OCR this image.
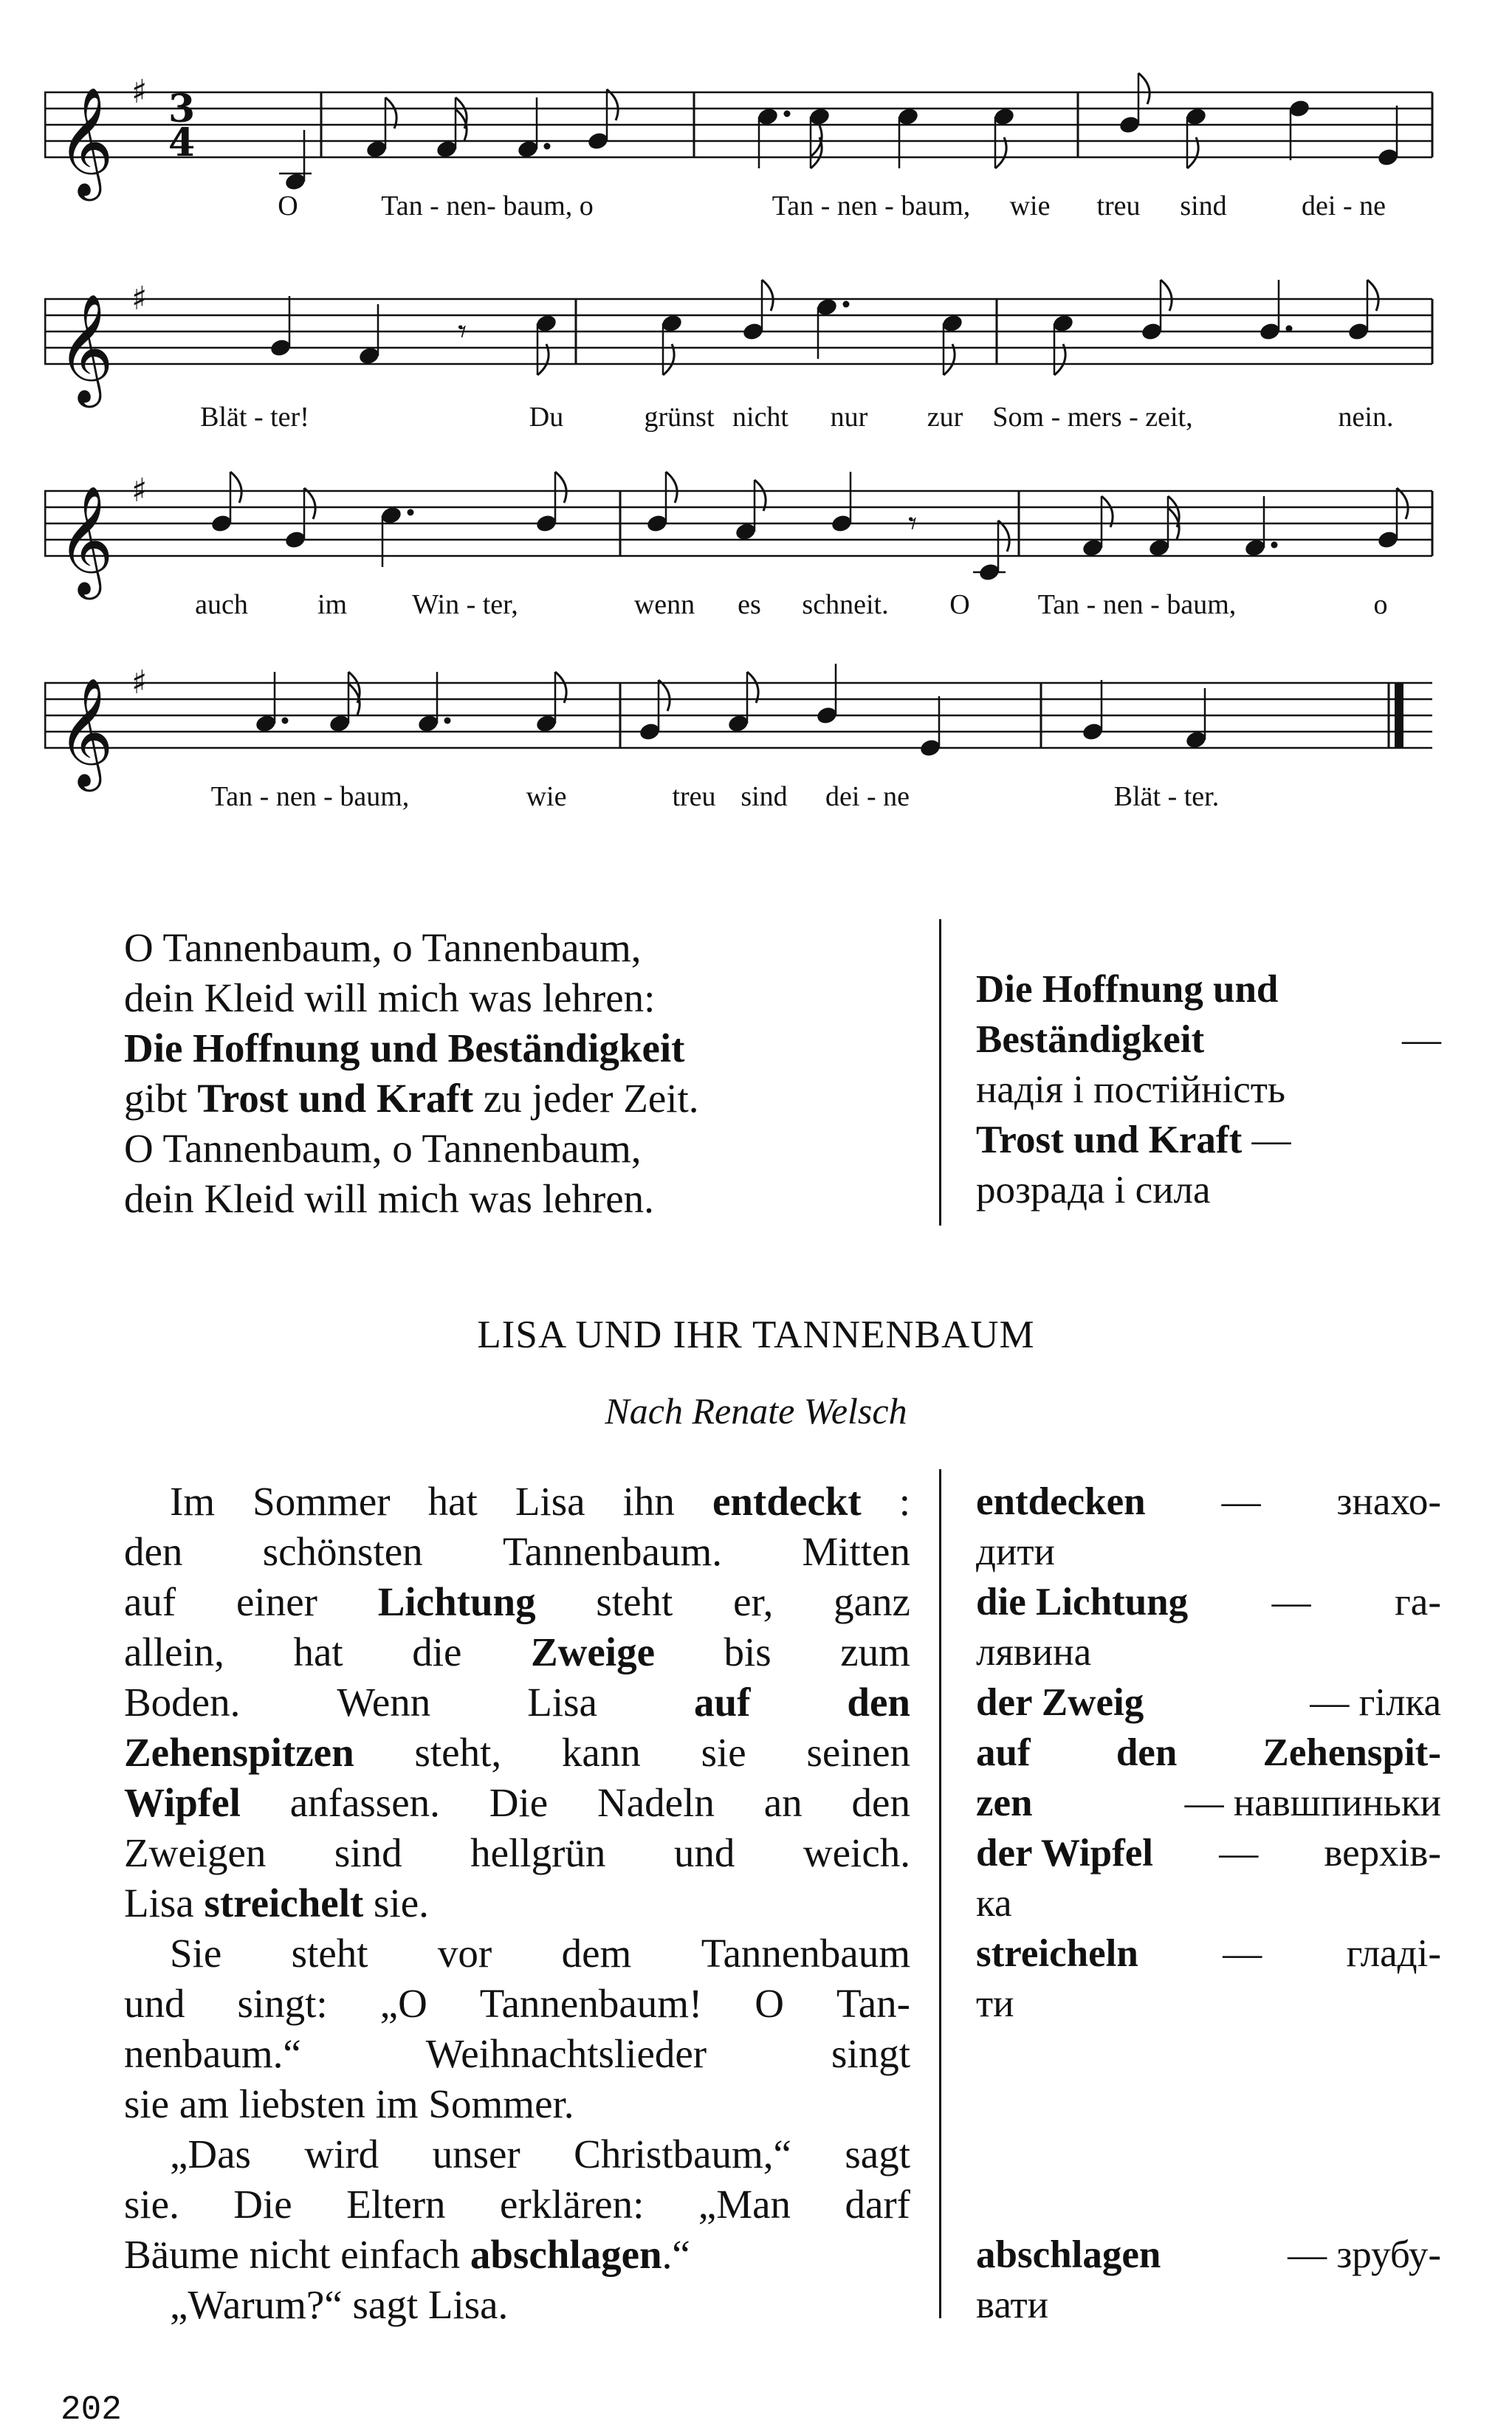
𝄞 ♯ 3
4
O	Tan - nen- baum, o	Tan - nen - baum, wie treu sind	dei - ne
𝄞 ♯
𝄾
Blät - ter!	Du	grünst nicht nur zur Som - mers - zeit,	nein.
𝄞 ♯
𝄾
auch im Win - ter,	wenn es schneit. O Tan - nen - baum,	o
𝄞 ♯
Tan - nen - baum,	wie	treu sind dei - ne	Blät - ter.
O Tannenbaum, o Tannenbaum,
dein Kleid will mich was lehren:
Die Hoffnung und Beständigkeit
gibt Trost und Kraft zu jeder Zeit.
O Tannenbaum, o Tannenbaum,
dein Kleid will mich was lehren.
Die Hoffnung und
Beständigkeit	—
надія і постійність
Trost und Kraft —
розрада і сила
LISA UND IHR TANNENBAUM
Nach Renate Welsch
Im Sommer hat Lisa ihn entdeckt :
den schönsten Tannenbaum. Mitten
auf einer Lichtung steht er, ganz
allein, hat die Zweige bis zum
Boden. Wenn Lisa auf den
Zehenspitzen steht, kann sie seinen
Wipfel anfassen. Die Nadeln an den
Zweigen sind hellgrün und weich.
Lisa streichelt sie.
Sie steht vor dem Tannenbaum
und singt: „O Tannenbaum! O Tan-
nenbaum.“	Weihnachtslieder	singt
sie am liebsten im Sommer.
„Das wird unser Christbaum,“ sagt
sie. Die Eltern erklären: „Man darf
Bäume nicht einfach abschlagen .“
„Warum?“ sagt Lisa.
entdecken — знахо-
дити
die Lichtung — га-
лявина
der Zweig	— гілка
auf den Zehenspit-
zen	— навшпиньки
der Wipfel — верхів-
ка
streicheln — гладі-
ти
abschlagen	— зрубу-
вати
202
